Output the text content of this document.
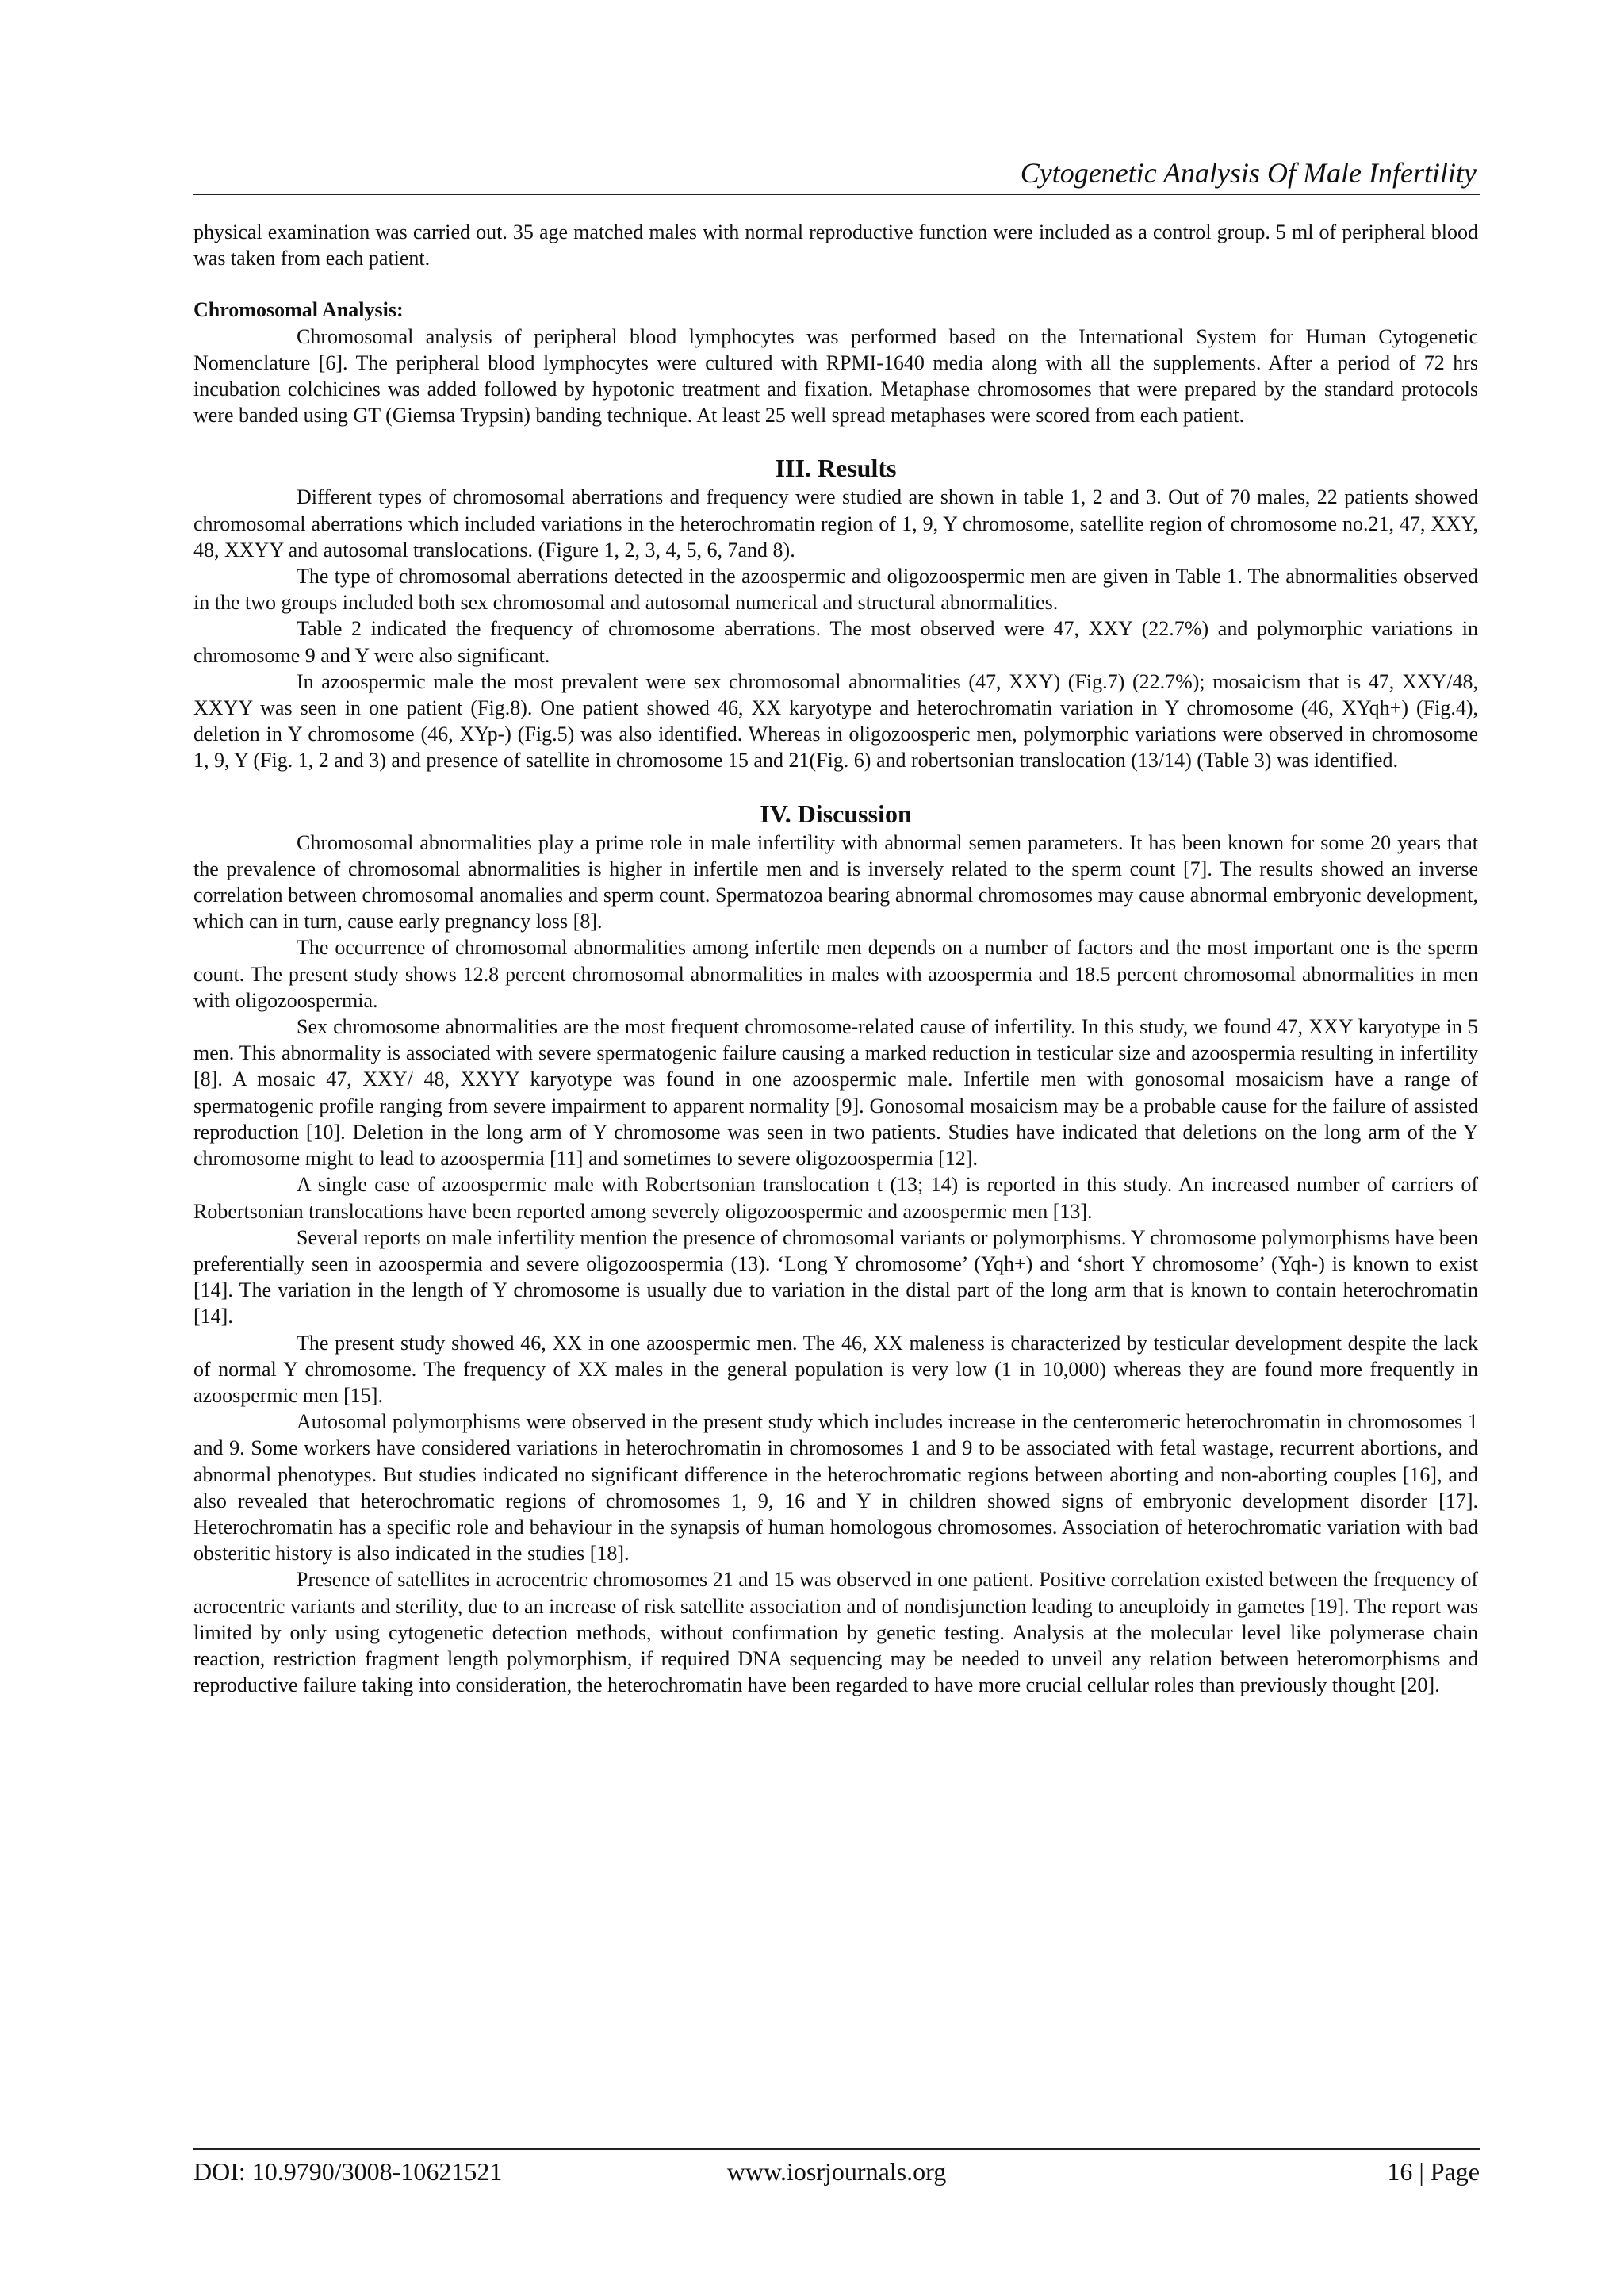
Cytogenetic Analysis Of Male Infertility

physical examination was carried out. 35 age matched males with normal reproductive function were included as a control group. 5 ml of peripheral blood was taken from each patient.

Chromosomal Analysis:

Chromosomal analysis of peripheral blood lymphocytes was performed based on the International System for Human Cytogenetic Nomenclature [6]. The peripheral blood lymphocytes were cultured with RPMI-1640 media along with all the supplements. After a period of 72 hrs incubation colchicines was added followed by hypotonic treatment and fixation. Metaphase chromosomes that were prepared by the standard protocols were banded using GT (Giemsa Trypsin) banding technique. At least 25 well spread metaphases were scored from each patient.

III. Results

Different types of chromosomal aberrations and frequency were studied are shown in table 1, 2 and 3. Out of 70 males, 22 patients showed chromosomal aberrations which included variations in the heterochromatin region of 1, 9, Y chromosome, satellite region of chromosome no.21, 47, XXY, 48, XXYY and autosomal translocations. (Figure 1, 2, 3, 4, 5, 6, 7and 8).

The type of chromosomal aberrations detected in the azoospermic and oligozoospermic men are given in Table 1. The abnormalities observed in the two groups included both sex chromosomal and autosomal numerical and structural abnormalities.

Table 2 indicated the frequency of chromosome aberrations. The most observed were 47, XXY (22.7%) and polymorphic variations in chromosome 9 and Y were also significant.

In azoospermic male the most prevalent were sex chromosomal abnormalities (47, XXY) (Fig.7) (22.7%); mosaicism that is 47, XXY/48, XXYY was seen in one patient (Fig.8). One patient showed 46, XX karyotype and heterochromatin variation in Y chromosome (46, XYqh+) (Fig.4), deletion in Y chromosome (46, XYp-) (Fig.5) was also identified. Whereas in oligozoosperic men, polymorphic variations were observed in chromosome 1, 9, Y (Fig. 1, 2 and 3) and presence of satellite in chromosome 15 and 21(Fig. 6) and robertsonian translocation (13/14) (Table 3) was identified.

IV. Discussion

Chromosomal abnormalities play a prime role in male infertility with abnormal semen parameters. It has been known for some 20 years that the prevalence of chromosomal abnormalities is higher in infertile men and is inversely related to the sperm count [7]. The results showed an inverse correlation between chromosomal anomalies and sperm count. Spermatozoa bearing abnormal chromosomes may cause abnormal embryonic development, which can in turn, cause early pregnancy loss [8].

The occurrence of chromosomal abnormalities among infertile men depends on a number of factors and the most important one is the sperm count. The present study shows 12.8 percent chromosomal abnormalities in males with azoospermia and 18.5 percent chromosomal abnormalities in men with oligozoospermia.

Sex chromosome abnormalities are the most frequent chromosome-related cause of infertility. In this study, we found 47, XXY karyotype in 5 men. This abnormality is associated with severe spermatogenic failure causing a marked reduction in testicular size and azoospermia resulting in infertility [8]. A mosaic 47, XXY/ 48, XXYY karyotype was found in one azoospermic male. Infertile men with gonosomal mosaicism have a range of spermatogenic profile ranging from severe impairment to apparent normality [9]. Gonosomal mosaicism may be a probable cause for the failure of assisted reproduction [10]. Deletion in the long arm of Y chromosome was seen in two patients. Studies have indicated that deletions on the long arm of the Y chromosome might to lead to azoospermia [11] and sometimes to severe oligozoospermia [12].

A single case of azoospermic male with Robertsonian translocation t (13; 14) is reported in this study. An increased number of carriers of Robertsonian translocations have been reported among severely oligozoospermic and azoospermic men [13].

Several reports on male infertility mention the presence of chromosomal variants or polymorphisms. Y chromosome polymorphisms have been preferentially seen in azoospermia and severe oligozoospermia (13). ‘Long Y chromosome’ (Yqh+) and ‘short Y chromosome’ (Yqh-) is known to exist [14]. The variation in the length of Y chromosome is usually due to variation in the distal part of the long arm that is known to contain heterochromatin [14].

The present study showed 46, XX in one azoospermic men. The 46, XX maleness is characterized by testicular development despite the lack of normal Y chromosome. The frequency of XX males in the general population is very low (1 in 10,000) whereas they are found more frequently in azoospermic men [15].

Autosomal polymorphisms were observed in the present study which includes increase in the centeromeric heterochromatin in chromosomes 1 and 9. Some workers have considered variations in heterochromatin in chromosomes 1 and 9 to be associated with fetal wastage, recurrent abortions, and abnormal phenotypes. But studies indicated no significant difference in the heterochromatic regions between aborting and non-aborting couples [16], and also revealed that heterochromatic regions of chromosomes 1, 9, 16 and Y in children showed signs of embryonic development disorder [17]. Heterochromatin has a specific role and behaviour in the synapsis of human homologous chromosomes. Association of heterochromatic variation with bad obsteritic history is also indicated in the studies [18].

Presence of satellites in acrocentric chromosomes 21 and 15 was observed in one patient. Positive correlation existed between the frequency of acrocentric variants and sterility, due to an increase of risk satellite association and of nondisjunction leading to aneuploidy in gametes [19]. The report was limited by only using cytogenetic detection methods, without confirmation by genetic testing. Analysis at the molecular level like polymerase chain reaction, restriction fragment length polymorphism, if required DNA sequencing may be needed to unveil any relation between heteromorphisms and reproductive failure taking into consideration, the heterochromatin have been regarded to have more crucial cellular roles than previously thought [20].

DOI: 10.9790/3008-10621521	www.iosrjournals.org	16 | Page
